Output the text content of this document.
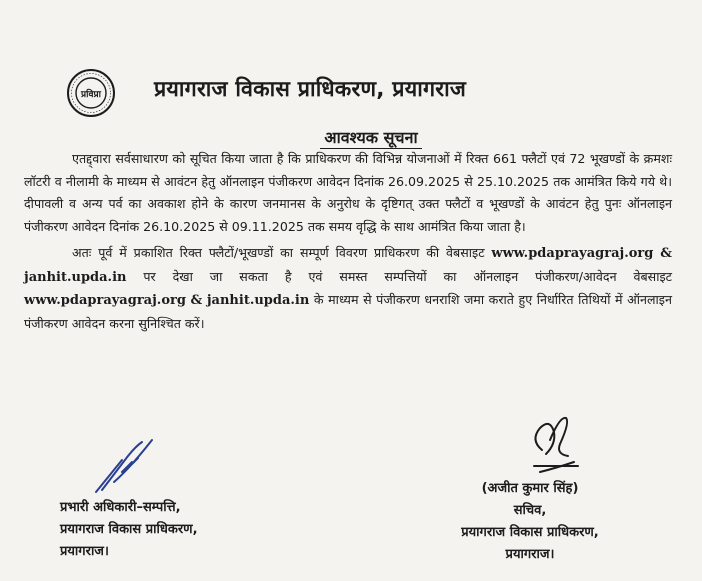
प्रविप्रा प्रयागराज विकास प्राधिकरण, प्रयागराज
आवश्यक सूचना

एतद्द्वारा सर्वसाधारण को सूचित किया जाता है कि प्राधिकरण की विभिन्न योजनाओं में रिक्त 661 फ्लैटों एवं 72 भूखण्डों के क्रमशः लॉटरी व नीलामी के माध्यम से आवंटन हेतु ऑनलाइन पंजीकरण आवेदन दिनांक 26.09.2025 से 25.10.2025 तक आमंत्रित किये गये थे। दीपावली व अन्य पर्व का अवकाश होने के कारण जनमानस के अनुरोध के दृष्टिगत् उक्त फ्लैटों व भूखण्डों के आवंटन हेतु पुनः ऑनलाइन पंजीकरण आवेदन दिनांक 26.10.2025 से 09.11.2025 तक समय वृद्धि के साथ आमंत्रित किया जाता है।

अतः पूर्व में प्रकाशित रिक्त फ्लैटों/भूखण्डों का सम्पूर्ण विवरण प्राधिकरण की वेबसाइट www.pdaprayagraj.org & janhit.updа.in पर देखा जा सकता है एवं समस्त सम्पत्तियों का ऑनलाइन पंजीकरण/आवेदन वेबसाइट www.pdaprayagraj.org & janhit.upda.in के माध्यम से पंजीकरण धनराशि जमा कराते हुए निर्धारित तिथियों में ऑनलाइन पंजीकरण आवेदन करना सुनिश्चित करें।

प्रभारी अधिकारी–सम्पत्ति,
प्रयागराज विकास प्राधिकरण,
प्रयागराज।
(अजीत कुमार सिंह)
सचिव,
प्रयागराज विकास प्राधिकरण,
प्रयागराज।
